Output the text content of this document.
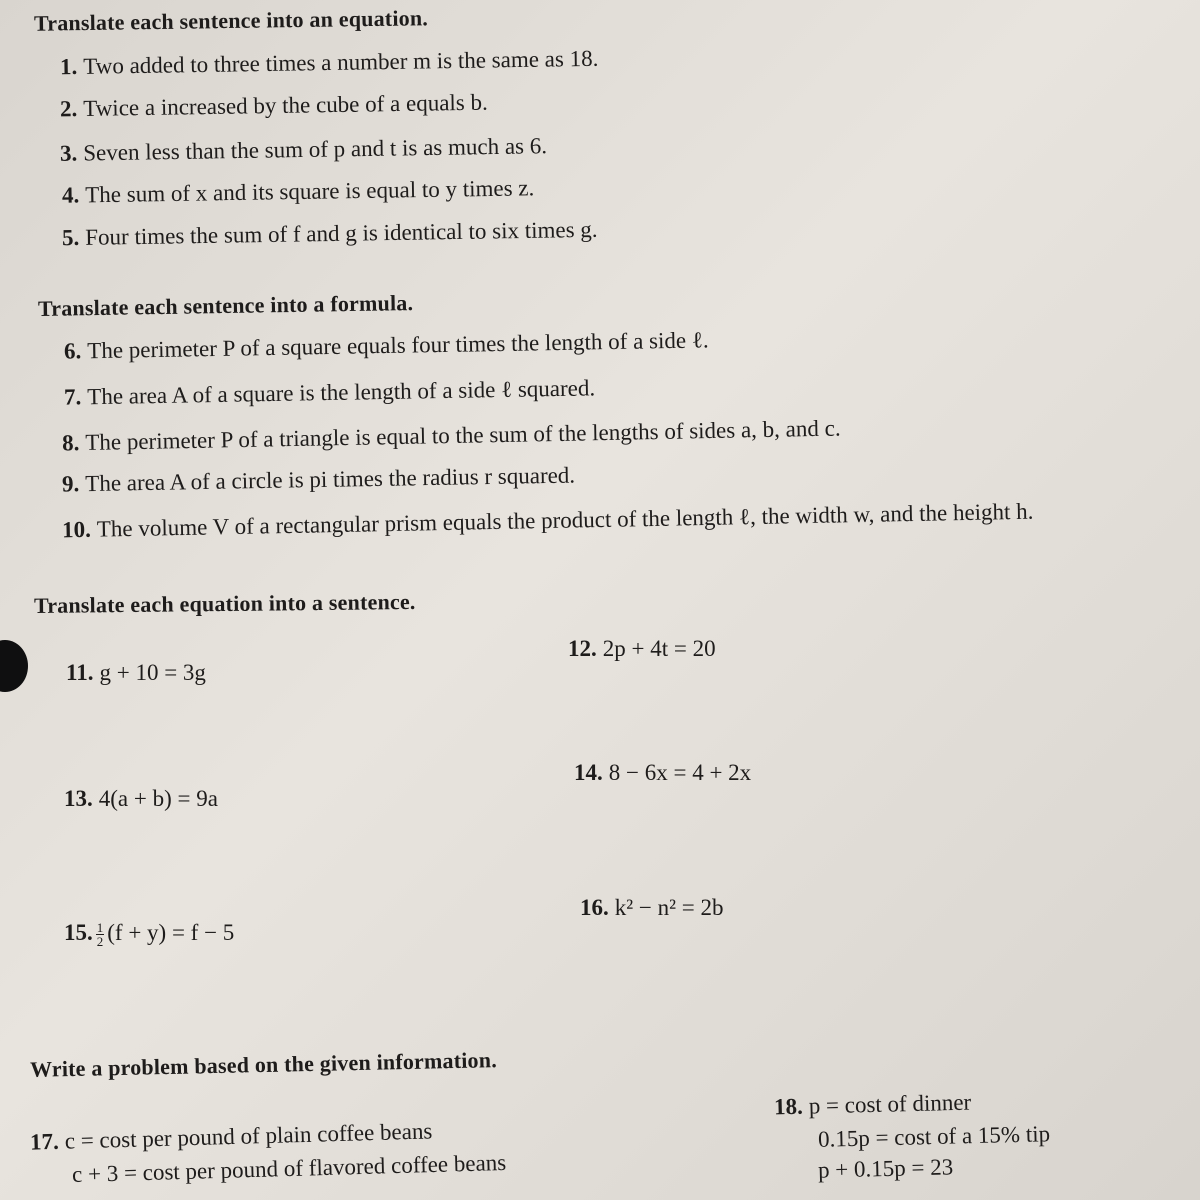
Translate each sentence into an equation.
1. Two added to three times a number m is the same as 18.
2. Twice a increased by the cube of a equals b.
3. Seven less than the sum of p and t is as much as 6.
4. The sum of x and its square is equal to y times z.
5. Four times the sum of f and g is identical to six times g.
Translate each sentence into a formula.
6. The perimeter P of a square equals four times the length of a side ℓ.
7. The area A of a square is the length of a side ℓ squared.
8. The perimeter P of a triangle is equal to the sum of the lengths of sides a, b, and c.
9. The area A of a circle is pi times the radius r squared.
10. The volume V of a rectangular prism equals the product of the length ℓ, the width w, and the height h.
Translate each equation into a sentence.
11. g + 10 = 3g
12. 2p + 4t = 20
13. 4(a + b) = 9a
14. 8 − 6x = 4 + 2x
15. $\frac{1}{2} (f + y) = f - 5$
16. k² − n² = 2b
Write a problem based on the given information.
17. c = cost per pound of plain coffee beans
c + 3 = cost per pound of flavored coffee beans
18. p = cost of dinner
0.15p = cost of a 15% tip
p + 0.15p = 23
